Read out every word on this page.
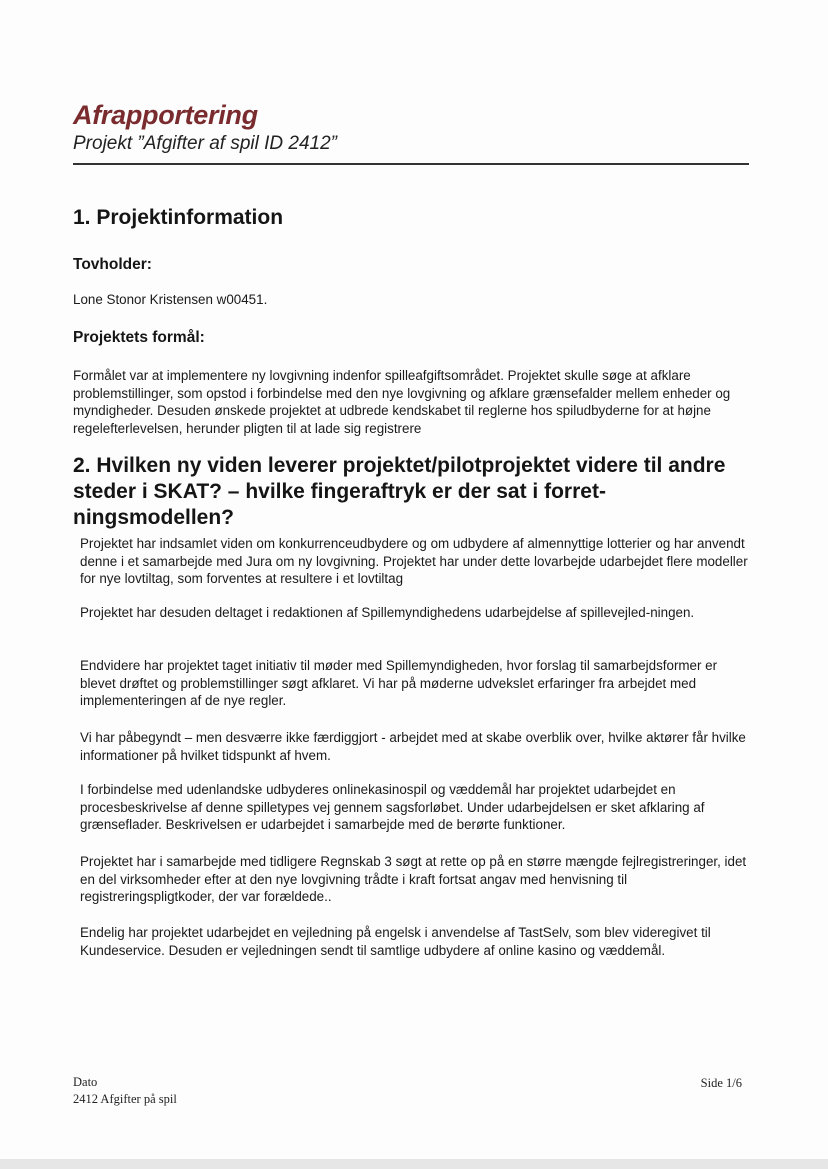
Afrapportering
Projekt ”Afgifter af spil ID 2412”
1. Projektinformation
Tovholder:

Lone Stonor Kristensen w00451.

Projektets formål:

Formålet var at implementere ny lovgivning indenfor spilleafgiftsområdet. Projektet skulle søge at afklare problemstillinger, som opstod i forbindelse med den nye lovgivning og afklare grænsefalder mellem enheder og myndigheder. Desuden ønskede projektet at udbrede kendskabet til reglerne hos spiludbyderne for at højne regelefterlevelsen, herunder pligten til at lade sig registrere

2. Hvilken ny viden leverer projektet/pilotprojektet videre til andre steder i SKAT? – hvilke fingeraftryk er der sat i forret-ningsmodellen?

Projektet har indsamlet viden om konkurrenceudbydere og om udbydere af almennyttige lotterier og har anvendt denne i et samarbejde med Jura om ny lovgivning. Projektet har under dette lovarbejde udarbejdet flere modeller for nye lovtiltag, som forventes at resultere i et lovtiltag

Projektet har desuden deltaget i redaktionen af Spillemyndighedens udarbejdelse af spillevejled-ningen.

Endvidere har projektet taget initiativ til møder med Spillemyndigheden, hvor forslag til samarbejdsformer er blevet drøftet og problemstillinger søgt afklaret. Vi har på møderne udvekslet erfaringer fra arbejdet med implementeringen af de nye regler.

Vi har påbegyndt – men desværre ikke færdiggjort - arbejdet med at skabe overblik over, hvilke aktører får hvilke informationer på hvilket tidspunkt af hvem.

I forbindelse med udenlandske udbyderes onlinekasinospil og væddemål har projektet udarbejdet en procesbeskrivelse af denne spilletypes vej gennem sagsforløbet. Under udarbejdelsen er sket afklaring af grænseflader. Beskrivelsen er udarbejdet i samarbejde med de berørte funktioner.

Projektet har i samarbejde med tidligere Regnskab 3 søgt at rette op på en større mængde fejlregistreringer, idet en del virksomheder efter at den nye lovgivning trådte i kraft fortsat angav med henvisning til registreringspligtkoder, der var forældede..

Endelig har projektet udarbejdet en vejledning på engelsk i anvendelse af TastSelv, som blev videregivet til Kundeservice. Desuden er vejledningen sendt til samtlige udbydere af online kasino og væddemål.

Dato
2412 Afgifter på spil
Side 1/6
